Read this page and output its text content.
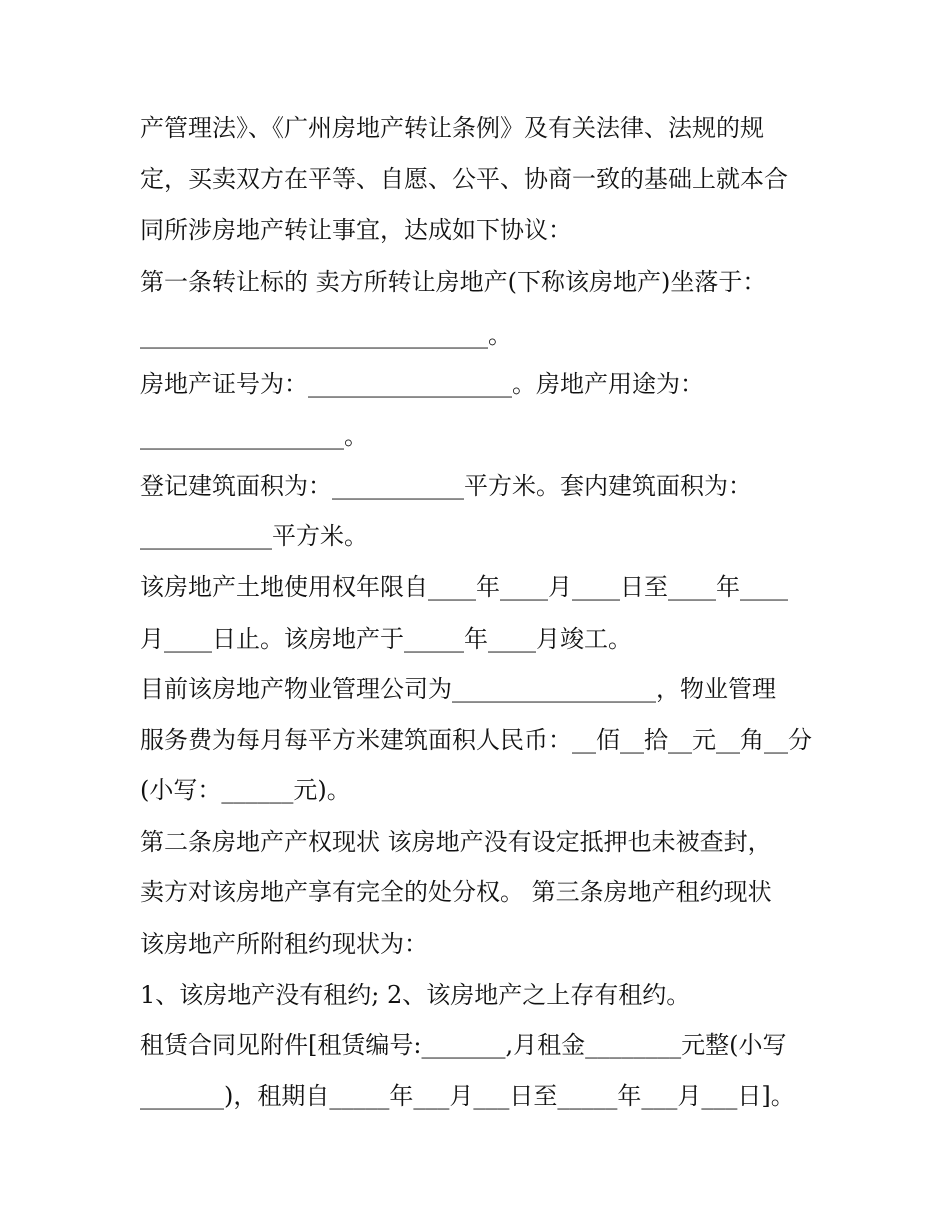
产管理法》、《广州房地产转让条例》及有关法律、法规的规
定，买卖双方在平等、自愿、公平、协商一致的基础上就本合
同所涉房地产转让事宜，达成如下协议：
第一条转让标的 卖方所转让房地产(下称该房地产)坐落于：
_____________________________。
房地产证号为：_________________。房地产用途为：
_________________。
登记建筑面积为：___________平方米。套内建筑面积为：
___________平方米。
该房地产土地使用权年限自____年____月____日至____年____
月____日止。该房地产于_____年____月竣工。
目前该房地产物业管理公司为_________________，物业管理
服务费为每月每平方米建筑面积人民币：__佰__拾__元__角__分
(小写：______元)。
第二条房地产产权现状 该房地产没有设定抵押也未被查封，
卖方对该房地产享有完全的处分权。 第三条房地产租约现状
该房地产所附租约现状为：
1、该房地产没有租约; 2、该房地产之上存有租约。
租赁合同见附件[租赁编号:_______,月租金________元整(小写
_______)，租期自_____年___月___日至_____年___月___日]。
